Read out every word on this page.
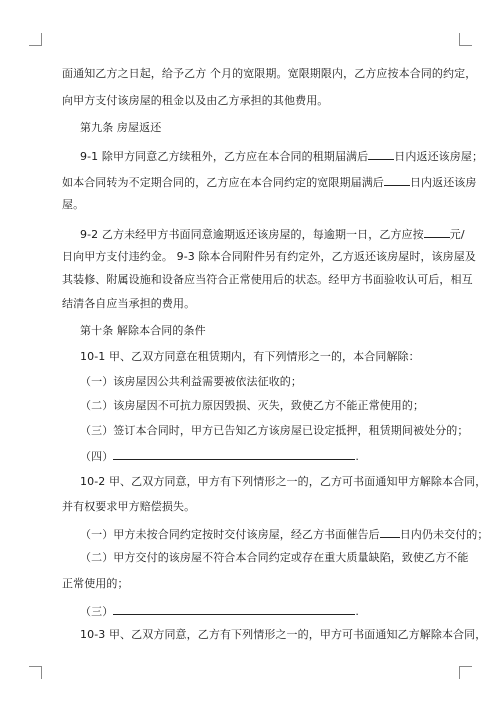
面通知乙方之日起，给予乙方 个月的宽限期。宽限期限内，乙方应按本合同的约定，
向甲方支付该房屋的租金以及由乙方承担的其他费用。
第九条 房屋返还
9-1 除甲方同意乙方续租外，乙方应在本合同的租期届满后 日内返还该房屋；
如本合同转为不定期合同的，乙方应在本合同约定的宽限期届满后 日内返还该房
屋。
9-2 乙方未经甲方书面同意逾期返还该房屋的，每逾期一日，乙方应按 元/
日向甲方支付违约金。 9-3 除本合同附件另有约定外，乙方返还该房屋时，该房屋及
其装修、附属设施和设备应当符合正常使用后的状态。经甲方书面验收认可后，相互
结清各自应当承担的费用。
第十条 解除本合同的条件
10-1 甲、乙双方同意在租赁期内，有下列情形之一的，本合同解除：
（一）该房屋因公共利益需要被依法征收的；
（二）该房屋因不可抗力原因毁损、灭失，致使乙方不能正常使用的；
（三）签订本合同时，甲方已告知乙方该房屋已设定抵押，租赁期间被处分的；
（四）	.
10-2 甲、乙双方同意，甲方有下列情形之一的，乙方可书面通知甲方解除本合同，
并有权要求甲方赔偿损失。
（一）甲方未按合同约定按时交付该房屋，经乙方书面催告后 日内仍未交付的；
（二）甲方交付的该房屋不符合本合同约定或存在重大质量缺陷，致使乙方不能
正常使用的；
（三）	.
10-3 甲、乙双方同意，乙方有下列情形之一的，甲方可书面通知乙方解除本合同，
